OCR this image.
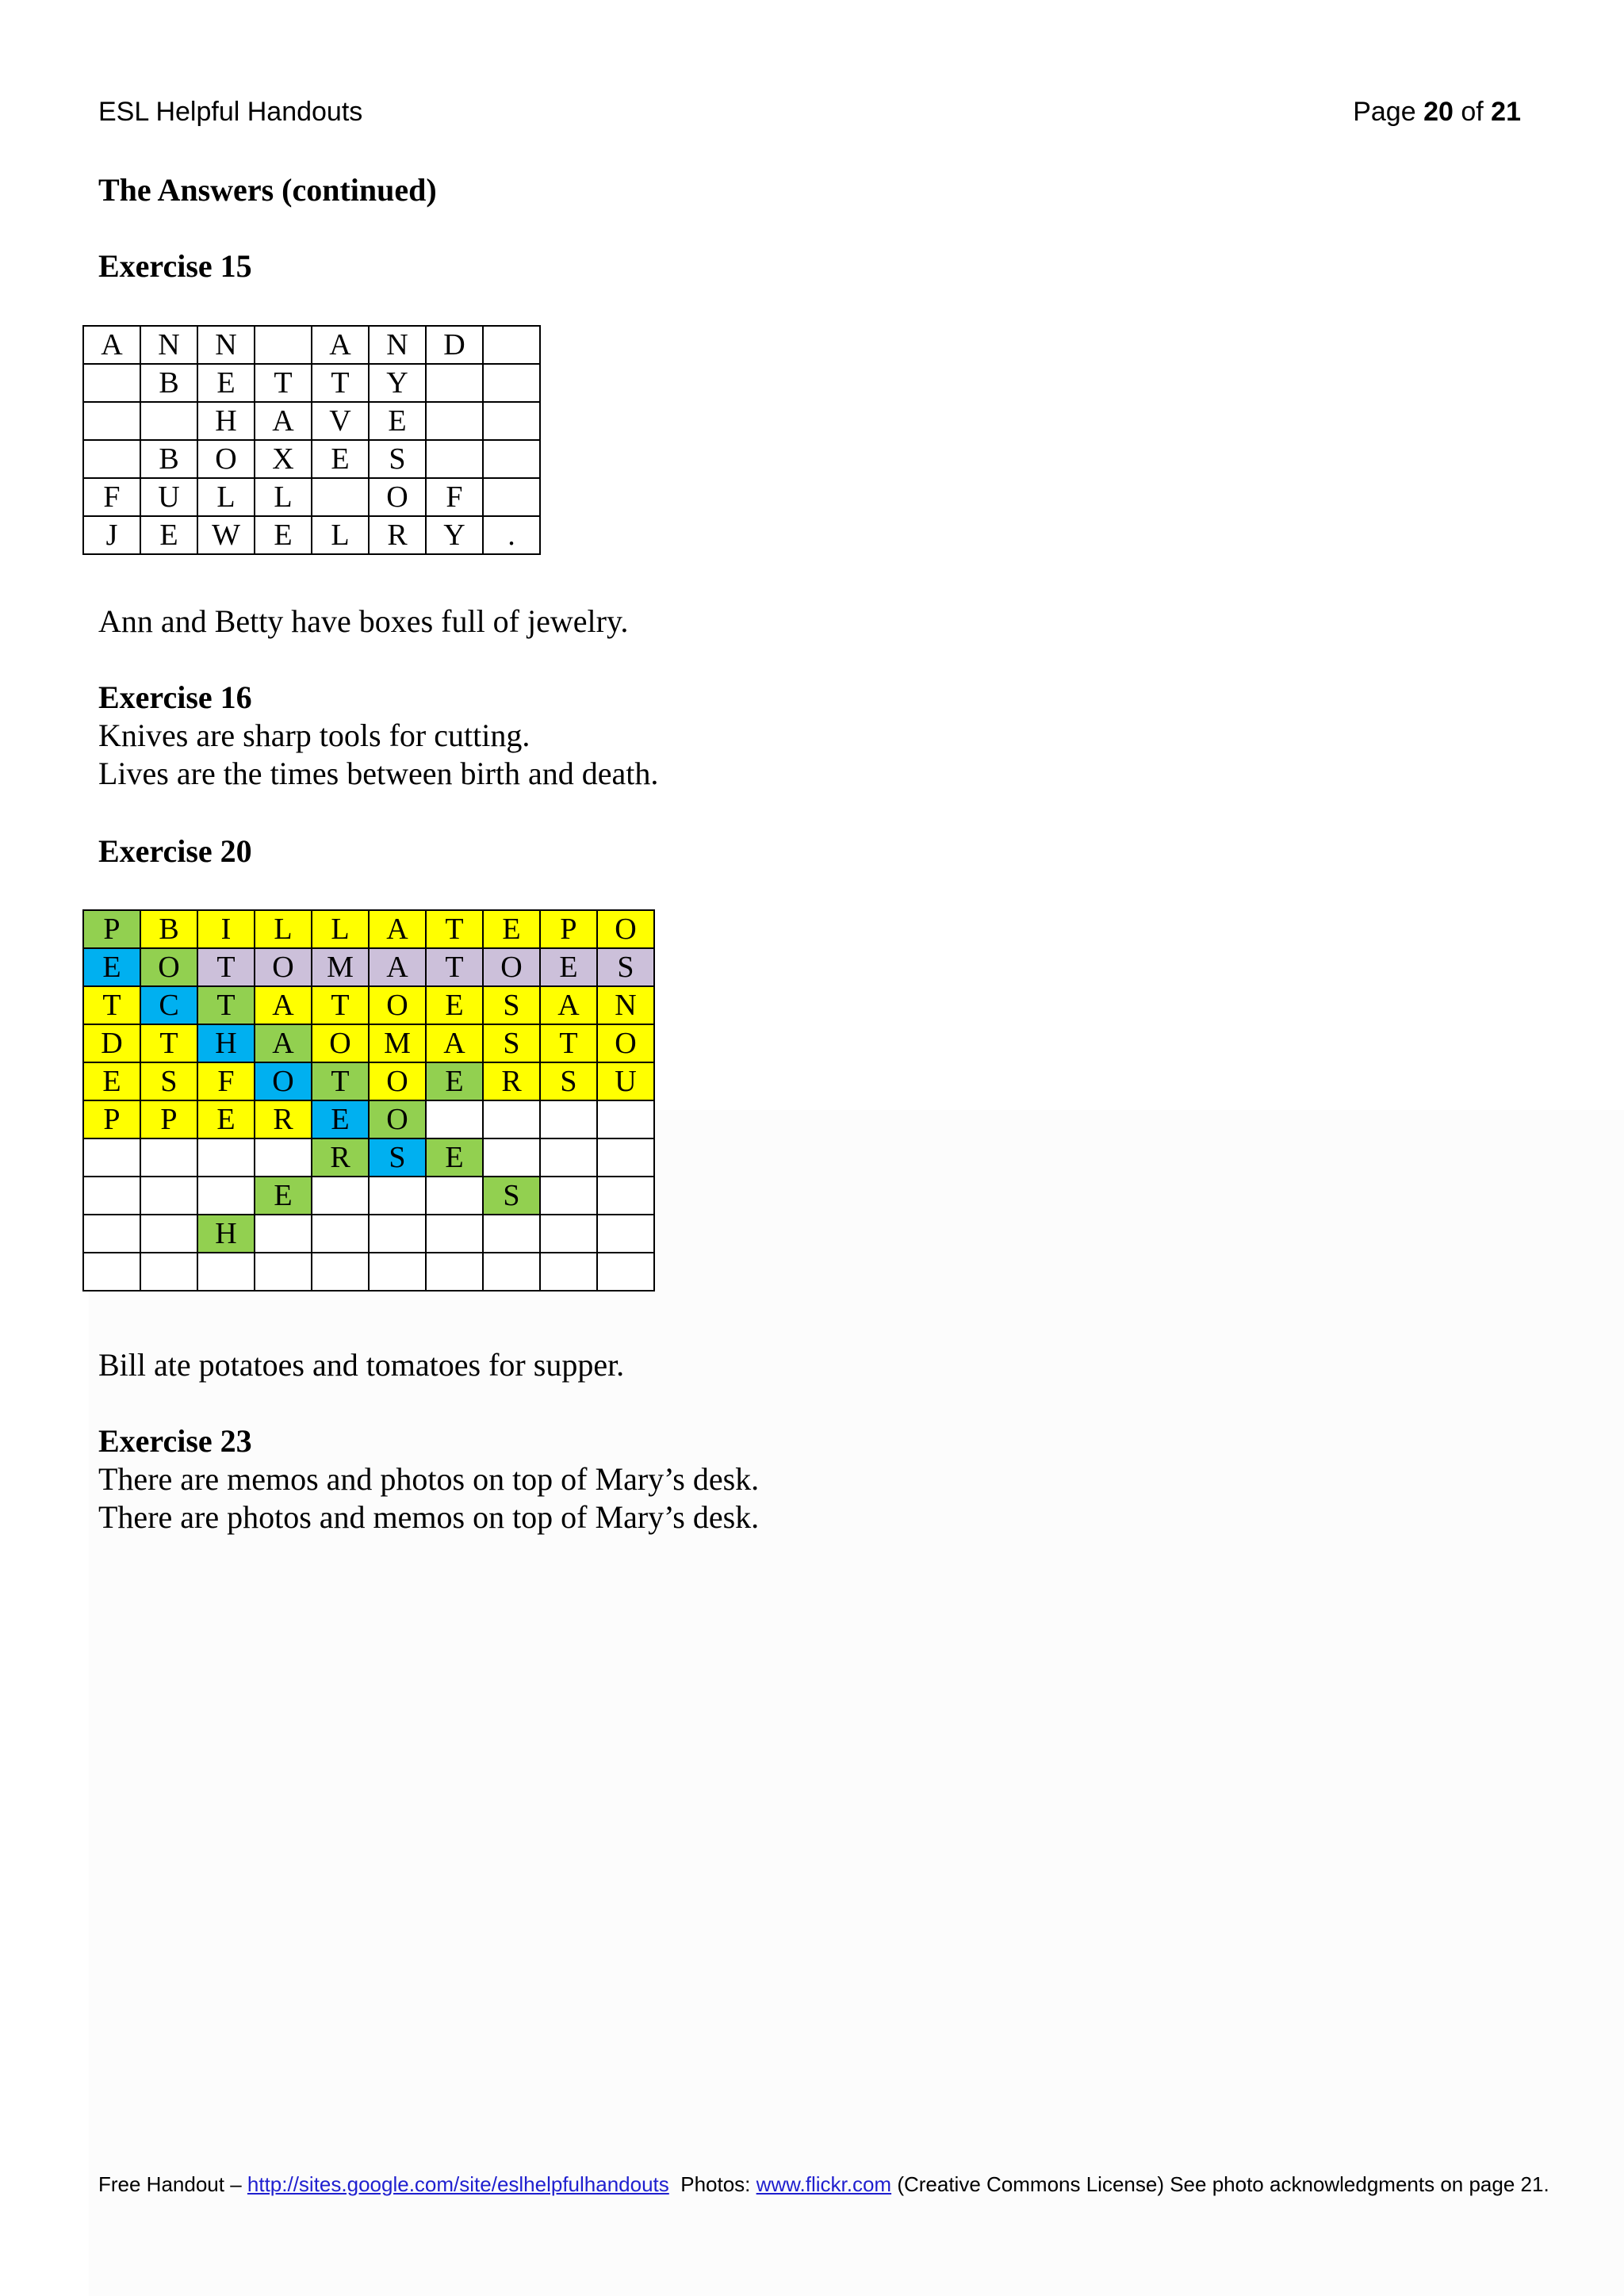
ESL Helpful Handouts	Page 20 of 21
The Answers (continued)
Exercise 15
A	N	N		A	N	D	
	B	E	T	T	Y		
		H	A	V	E		
	B	O	X	E	S		
F	U	L	L		O	F	
J	E	W	E	L	R	Y	.
Ann and Betty have boxes full of jewelry.
Exercise 16
Knives are sharp tools for cutting.
Lives are the times between birth and death.
Exercise 20
P	B	I	L	L	A	T	E	P	O
E	O	T	O	M	A	T	O	E	S
T	C	T	A	T	O	E	S	A	N
D	T	H	A	O	M	A	S	T	O
E	S	F	O	T	O	E	R	S	U
P	P	E	R	E	O				
				R	S	E			
			E				S		
		H							

Bill ate potatoes and tomatoes for supper.
Exercise 23
There are memos and photos on top of Mary’s desk.
There are photos and memos on top of Mary’s desk.
Free Handout – http://sites.google.com/site/eslhelpfulhandouts  Photos: www.flickr.com (Creative Commons License) See photo acknowledgments on page 21.
